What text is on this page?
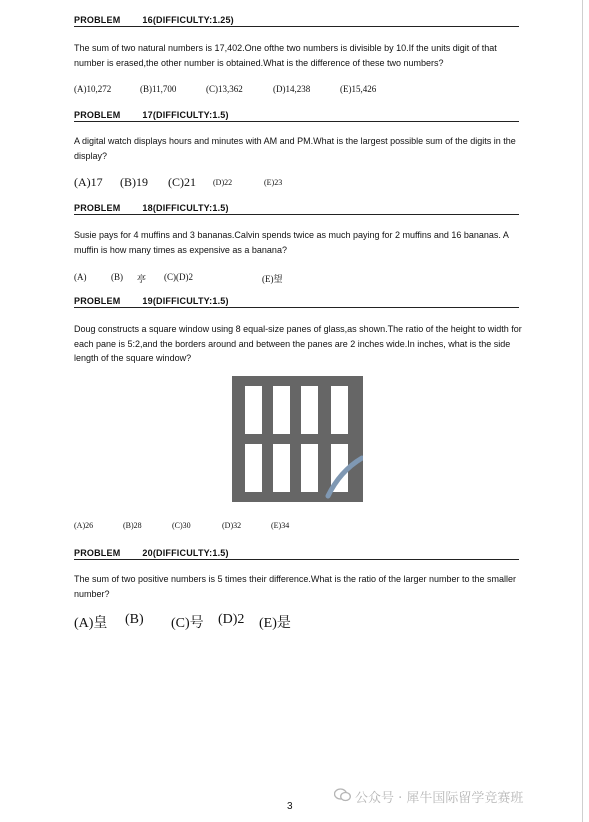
PROBLEM 16(DIFFICULTY:1.25)
The sum of two natural numbers is 17,402.One ofthe two numbers is divisible by 10.If the units digit of that number is erased,the other number is obtained.What is the difference of these two numbers?
(A)10,272	(B)11,700	(C)13,362	(D)14,238	(E)15,426
PROBLEM 17(DIFFICULTY:1.5)
A digital watch displays hours and minutes with AM and PM.What is the largest possible sum of the digits in the display?
(A)17 (B)19 (C)21 (D)22	(E)23
PROBLEM 18(DIFFICULTY:1.5)
Susie pays for 4 muffins and 3 bananas.Calvin spends twice as much paying for 2 muffins and 16 bananas. A muffin is how many times as expensive as a banana?
(A)	(B) 亭 (C)(D)2	(E)望
PROBLEM 19(DIFFICULTY:1.5)
Doug constructs a square window using 8 equal-size panes of glass,as shown.The ratio of the height to width for each pane is 5:2,and the borders around and between the panes are 2 inches wide.In inches, what is the side length of the square window?
(A)26	(B)28	(C)30	(D)32	(E)34
PROBLEM 20(DIFFICULTY:1.5)
The sum of two positive numbers is 5 times their difference.What is the ratio of the larger number to the smaller number?
(A)皇 (B) (C)号 (D)2 (E)是
公众号 · 犀牛国际留学竞赛班
3
